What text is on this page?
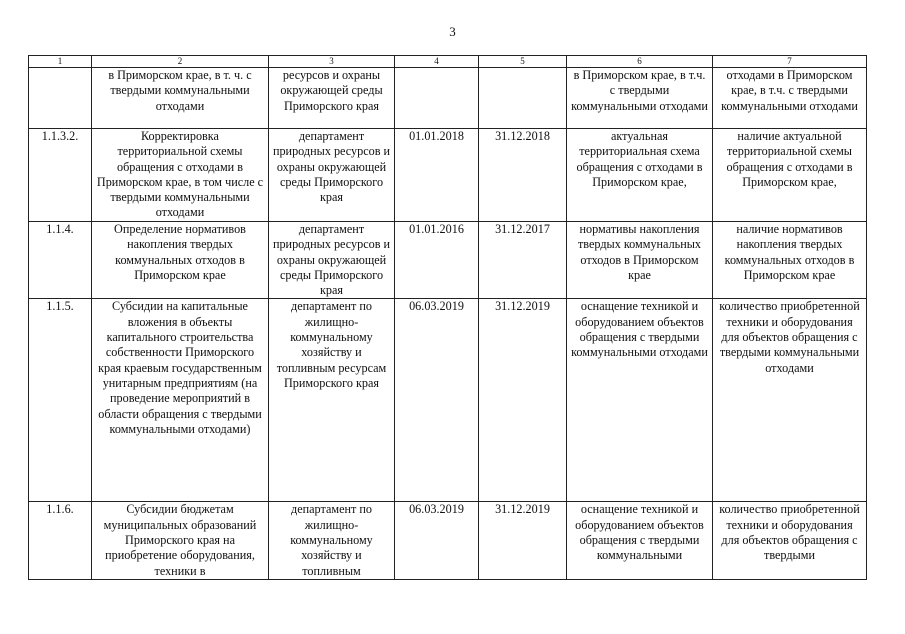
3
1	2	3	4	5	6	7
	в Приморском крае, в т. ч. с твердыми коммунальными отходами	ресурсов и охраны окружающей среды Приморского края			в Приморском крае, в т.ч. с твердыми коммунальными отходами	отходами в Приморском крае, в т.ч. с твердыми коммунальными отходами
1.1.3.2.	Корректировка территориальной схемы обращения с отходами в Приморском крае, в том числе с твердыми коммунальными отходами	департамент природных ресурсов и охраны окружающей среды Приморского края	01.01.2018	31.12.2018	актуальная территориальная схема обращения с отходами в Приморском крае,	наличие актуальной территориальной схемы обращения с отходами в Приморском крае,
1.1.4.	Определение нормативов накопления твердых коммунальных отходов в Приморском крае	департамент природных ресурсов и охраны окружающей среды Приморского края	01.01.2016	31.12.2017	нормативы накопления твердых коммунальных отходов в Приморском крае	наличие нормативов накопления твердых коммунальных отходов в Приморском крае
1.1.5.	Субсидии на капитальные вложения в объекты капитального строительства собственности Приморского края краевым государственным унитарным предприятиям (на проведение мероприятий в области обращения с твердыми коммунальными отходами)	департамент по жилищно-коммунальному хозяйству и топливным ресурсам Приморского края	06.03.2019	31.12.2019	оснащение техникой и оборудованием объектов обращения с твердыми коммунальными отходами	количество приобретенной техники и оборудования для объектов обращения с твердыми коммунальными отходами
1.1.6.	Субсидии бюджетам муниципальных образований Приморского края на приобретение оборудования, техники в	департамент по жилищно-коммунальному хозяйству и топливным	06.03.2019	31.12.2019	оснащение техникой и оборудованием объектов обращения с твердыми коммунальными	количество приобретенной техники и оборудования для объектов обращения с твердыми
